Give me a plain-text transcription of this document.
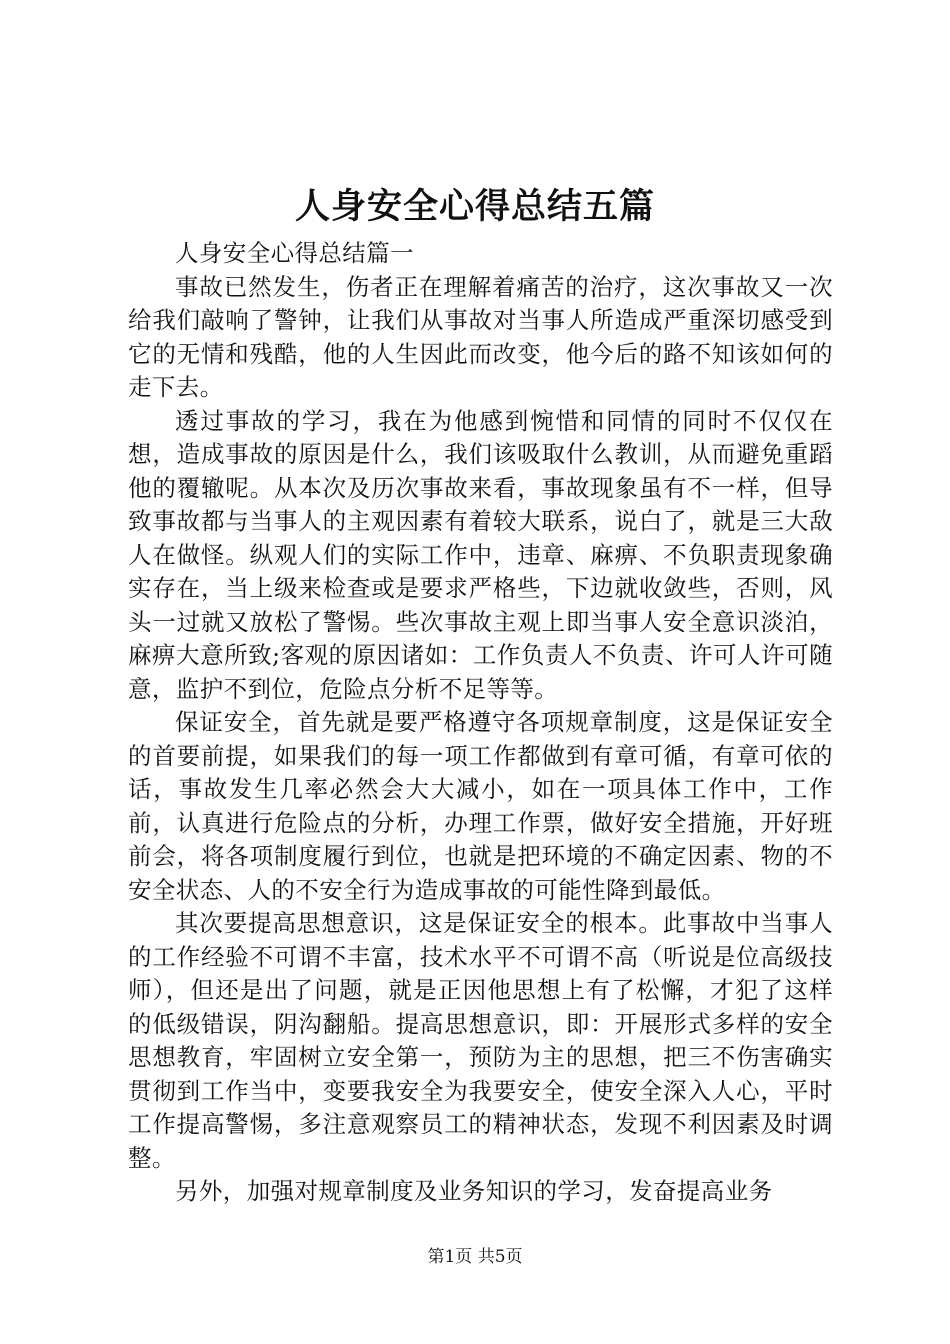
人身安全心得总结五篇

人身安全心得总结篇一

事故已然发生，伤者正在理解着痛苦的治疗，这次事故又一次给我们敲响了警钟，让我们从事故对当事人所造成严重深切感受到它的无情和残酷，他的人生因此而改变，他今后的路不知该如何的走下去。

透过事故的学习，我在为他感到惋惜和同情的同时不仅仅在想，造成事故的原因是什么，我们该吸取什么教训，从而避免重蹈他的覆辙呢。从本次及历次事故来看，事故现象虽有不一样，但导致事故都与当事人的主观因素有着较大联系，说白了，就是三大敌人在做怪。纵观人们的实际工作中，违章、麻痹、不负职责现象确实存在，当上级来检查或是要求严格些，下边就收敛些，否则，风头一过就又放松了警惕。些次事故主观上即当事人安全意识淡泊，麻痹大意所致;客观的原因诸如：工作负责人不负责、许可人许可随意，监护不到位，危险点分析不足等等。

保证安全，首先就是要严格遵守各项规章制度，这是保证安全的首要前提，如果我们的每一项工作都做到有章可循，有章可依的话，事故发生几率必然会大大减小，如在一项具体工作中，工作前，认真进行危险点的分析，办理工作票，做好安全措施，开好班前会，将各项制度履行到位，也就是把环境的不确定因素、物的不安全状态、人的不安全行为造成事故的可能性降到最低。

其次要提高思想意识，这是保证安全的根本。此事故中当事人的工作经验不可谓不丰富，技术水平不可谓不高（听说是位高级技师），但还是出了问题，就是正因他思想上有了松懈，才犯了这样的低级错误，阴沟翻船。提高思想意识，即：开展形式多样的安全思想教育，牢固树立安全第一，预防为主的思想，把三不伤害确实贯彻到工作当中，变要我安全为我要安全，使安全深入人心，平时工作提高警惕，多注意观察员工的精神状态，发现不利因素及时调整。

另外，加强对规章制度及业务知识的学习，发奋提高业务

第1页 共5页
